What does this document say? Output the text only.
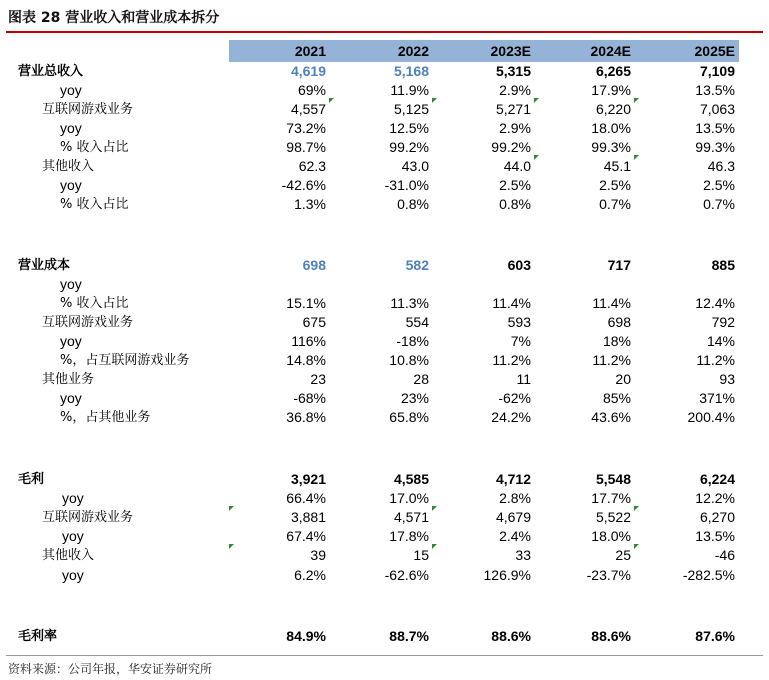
图表 28 营业收入和营业成本拆分
2021	2022	2023E	2024E	2025E
营业总收入	4,619	5,168	5,315	6,265	7,109
yoy	69%	11.9%	2.9%	17.9%	13.5%
互联网游戏业务	4,557	5,125	5,271	6,220	7,063
yoy	73.2%	12.5%	2.9%	18.0%	13.5%
% 收入占比	98.7%	99.2%	99.2%	99.3%	99.3%
其他收入	62.3	43.0	44.0	45.1	46.3
yoy	-42.6%	-31.0%	2.5%	2.5%	2.5%
% 收入占比	1.3%	0.8%	0.8%	0.7%	0.7%
营业成本	698	582	603	717	885
yoy
% 收入占比	15.1%	11.3%	11.4%	11.4%	12.4%
互联网游戏业务	675	554	593	698	792
yoy	116%	-18%	7%	18%	14%
%，占互联网游戏业务	14.8%	10.8%	11.2%	11.2%	11.2%
其他业务	23	28	11	20	93
yoy	-68%	23%	-62%	85%	371%
%，占其他业务	36.8%	65.8%	24.2%	43.6%	200.4%
毛利	3,921	4,585	4,712	5,548	6,224
yoy	66.4%	17.0%	2.8%	17.7%	12.2%
互联网游戏业务	3,881	4,571	4,679	5,522	6,270
yoy	67.4%	17.8%	2.4%	18.0%	13.5%
其他收入	39	15	33	25	-46
yoy	6.2%	-62.6%	126.9%	-23.7%	-282.5%
毛利率	84.9%	88.7%	88.6%	88.6%	87.6%
资料来源：公司年报，华安证券研究所
